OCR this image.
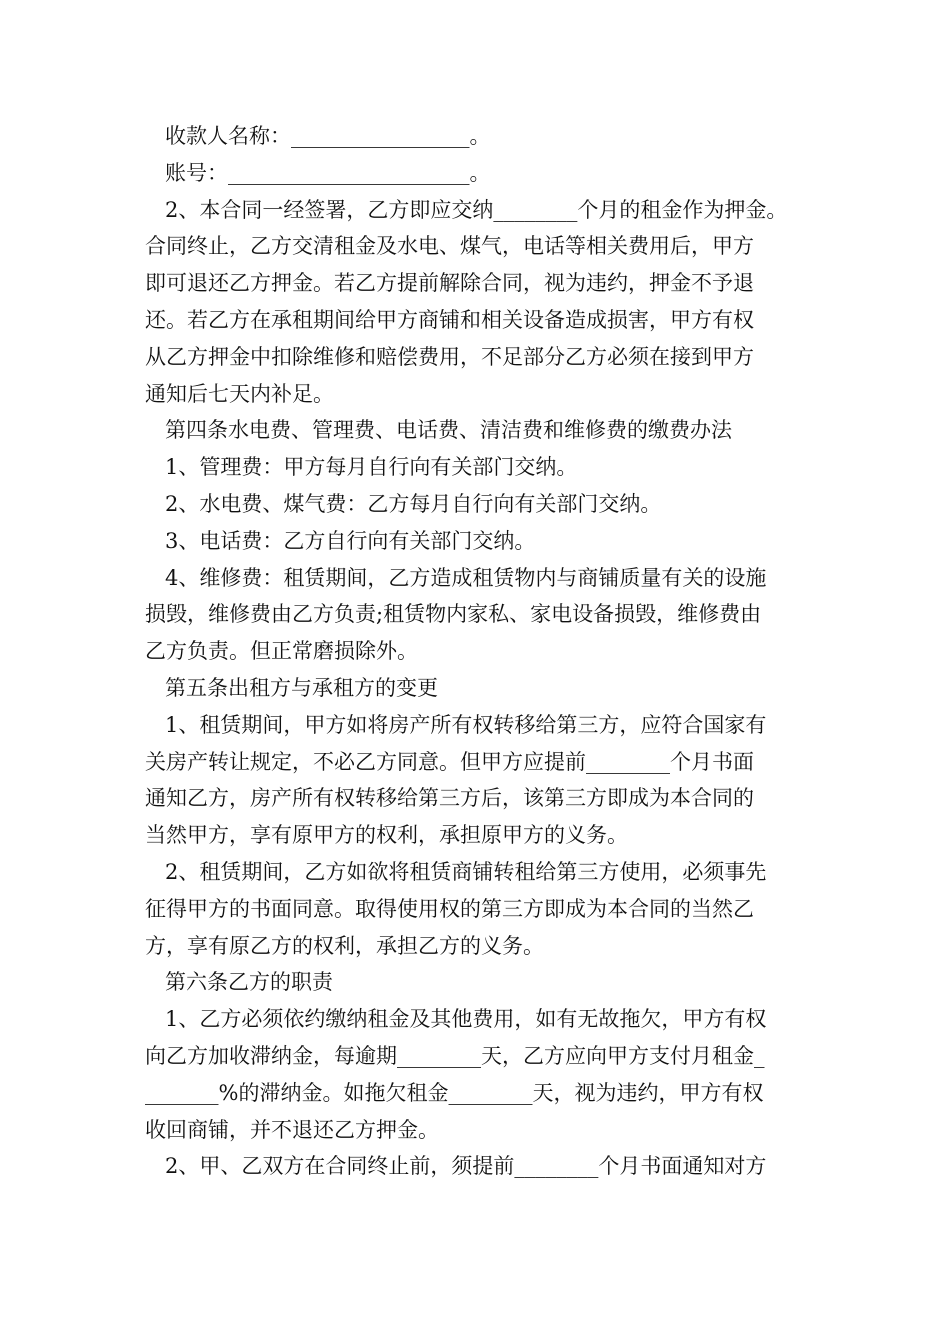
收款人名称：_________________。
账号：_______________________。
2、本合同一经签署，乙方即应交纳________个月的租金作为押金。
合同终止，乙方交清租金及水电、煤气，电话等相关费用后，甲方
即可退还乙方押金。若乙方提前解除合同，视为违约，押金不予退
还。若乙方在承租期间给甲方商铺和相关设备造成损害，甲方有权
从乙方押金中扣除维修和赔偿费用，不足部分乙方必须在接到甲方
通知后七天内补足。
第四条水电费、管理费、电话费、清洁费和维修费的缴费办法
1、管理费：甲方每月自行向有关部门交纳。
2、水电费、煤气费：乙方每月自行向有关部门交纳。
3、电话费：乙方自行向有关部门交纳。
4、维修费：租赁期间，乙方造成租赁物内与商铺质量有关的设施
损毁，维修费由乙方负责;租赁物内家私、家电设备损毁，维修费由
乙方负责。但正常磨损除外。
第五条出租方与承租方的变更
1、租赁期间，甲方如将房产所有权转移给第三方，应符合国家有
关房产转让规定，不必乙方同意。但甲方应提前________个月书面
通知乙方，房产所有权转移给第三方后，该第三方即成为本合同的
当然甲方，享有原甲方的权利，承担原甲方的义务。
2、租赁期间，乙方如欲将租赁商铺转租给第三方使用，必须事先
征得甲方的书面同意。取得使用权的第三方即成为本合同的当然乙
方，享有原乙方的权利，承担乙方的义务。
第六条乙方的职责
1、乙方必须依约缴纳租金及其他费用，如有无故拖欠，甲方有权
向乙方加收滞纳金，每逾期________天，乙方应向甲方支付月租金_
_______%的滞纳金。如拖欠租金________天，视为违约，甲方有权
收回商铺，并不退还乙方押金。
2、甲、乙双方在合同终止前，须提前________个月书面通知对方
